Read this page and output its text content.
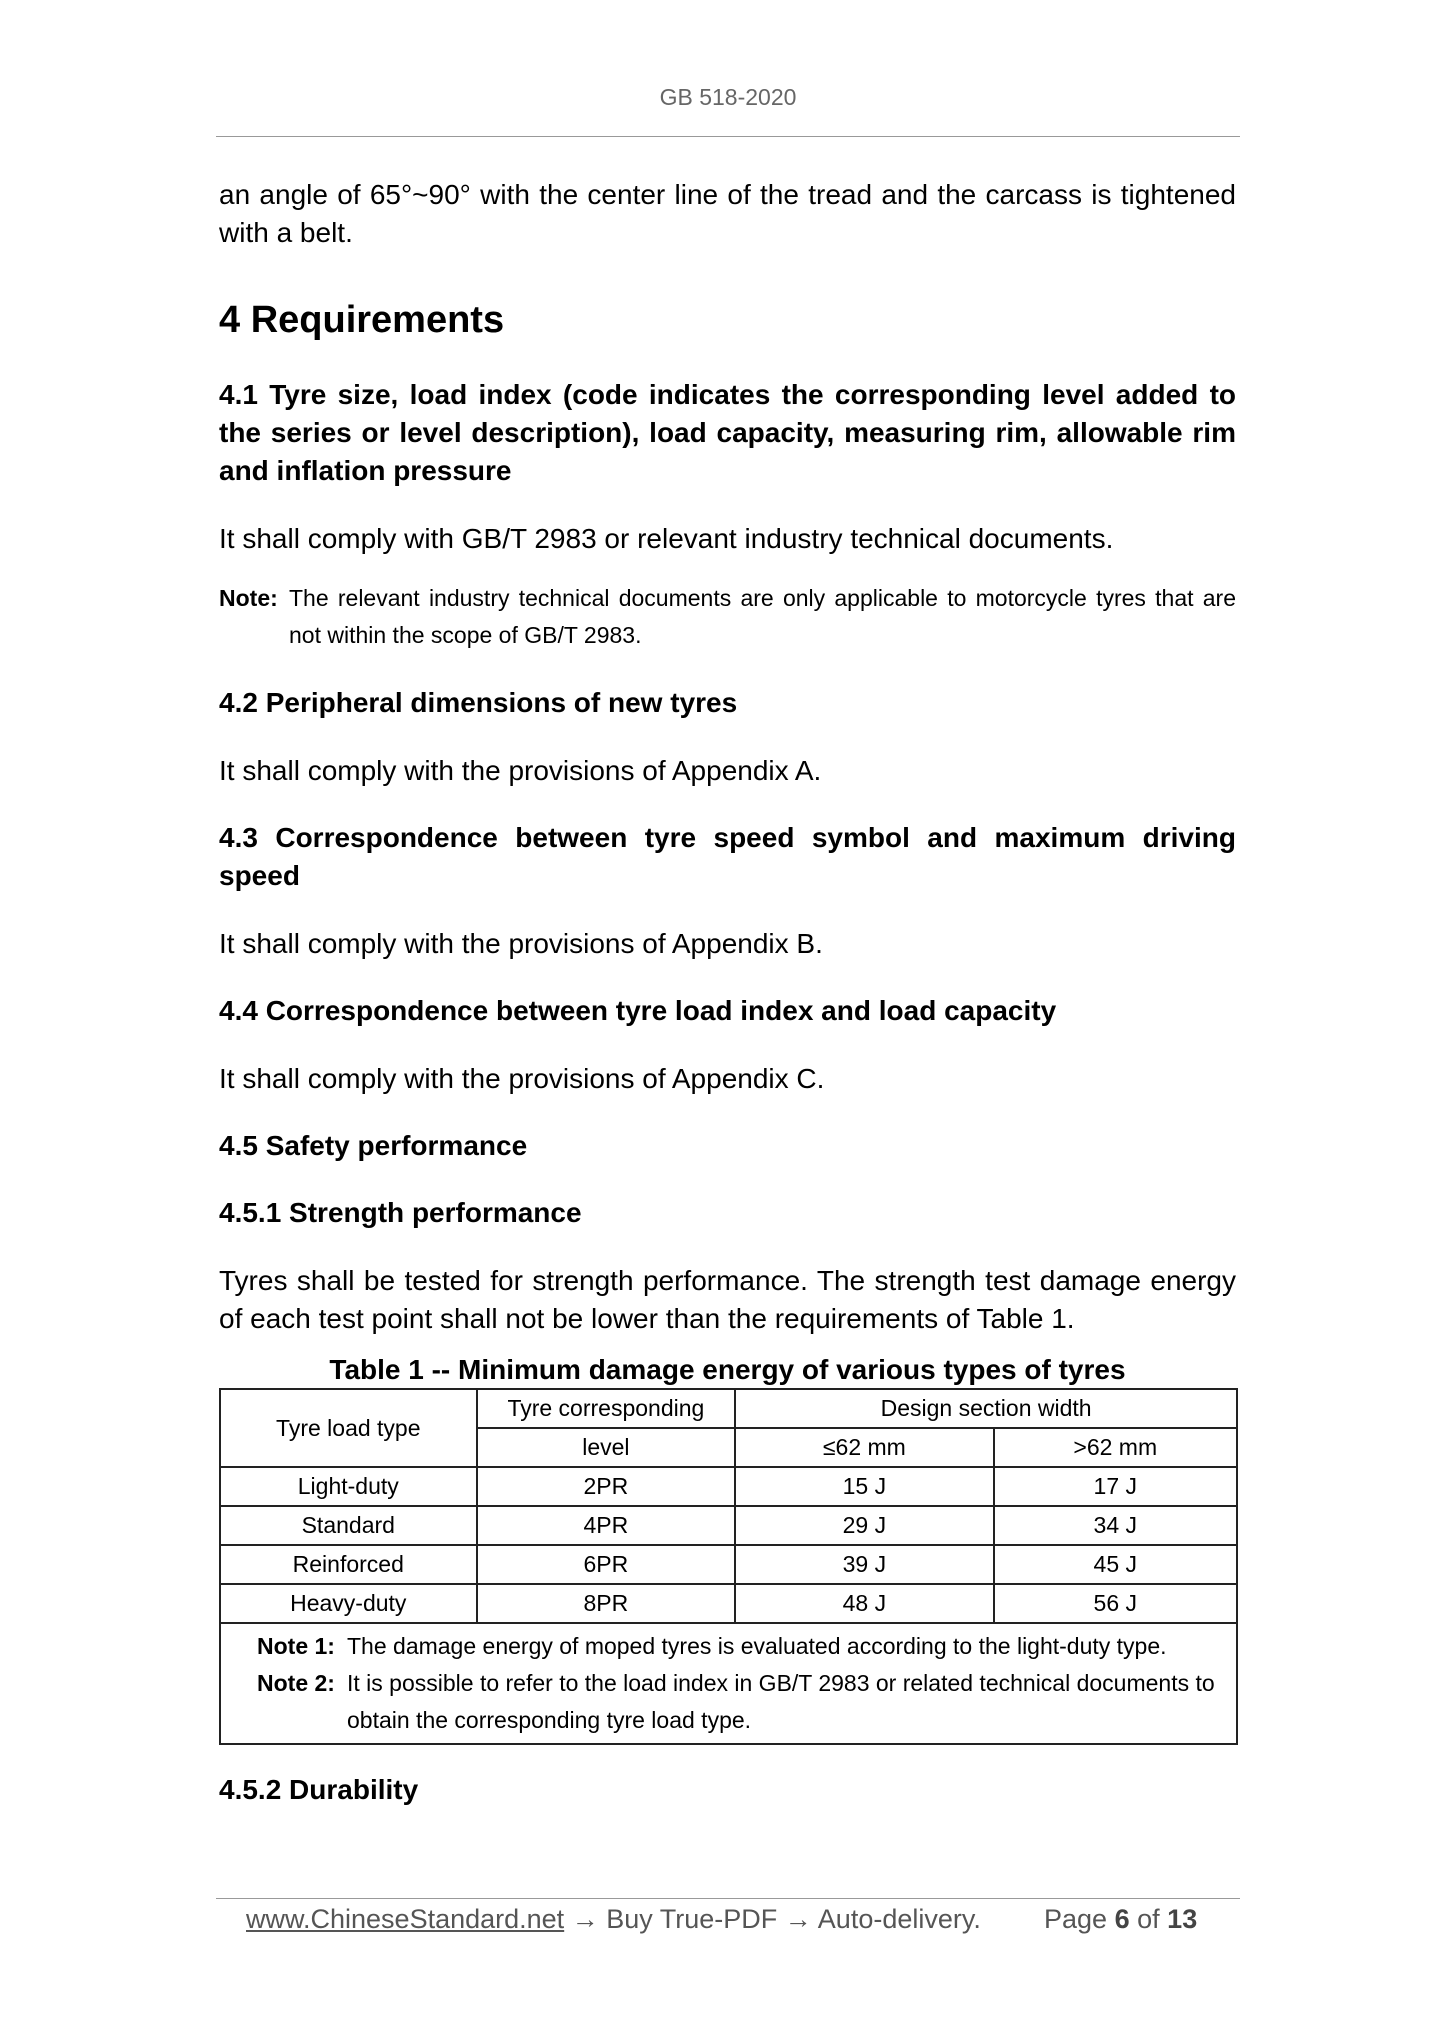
GB 518-2020

an angle of 65°~90° with the center line of the tread and the carcass is tightened with a belt.

4 Requirements

4.1 Tyre size, load index (code indicates the corresponding level added to the series or level description), load capacity, measuring rim, allowable rim and inflation pressure

It shall comply with GB/T 2983 or relevant industry technical documents.

Note: The relevant industry technical documents are only applicable to motorcycle tyres that are not within the scope of GB/T 2983.

4.2 Peripheral dimensions of new tyres

It shall comply with the provisions of Appendix A.

4.3 Correspondence between tyre speed symbol and maximum driving speed

It shall comply with the provisions of Appendix B.

4.4 Correspondence between tyre load index and load capacity

It shall comply with the provisions of Appendix C.

4.5 Safety performance

4.5.1 Strength performance

Tyres shall be tested for strength performance. The strength test damage energy of each test point shall not be lower than the requirements of Table 1.

Table 1 -- Minimum damage energy of various types of tyres

Tyre load type	Tyre corresponding	Design section width	
	level	≤62 mm	>62 mm
Light-duty	2PR	15 J	17 J
Standard	4PR	29 J	34 J
Reinforced	6PR	39 J	45 J
Heavy-duty	8PR	48 J	56 J

Note 1: The damage energy of moped tyres is evaluated according to the light-duty type.
Note 2: It is possible to refer to the load index in GB/T 2983 or related technical documents to obtain the corresponding tyre load type.			

4.5.2 Durability

www.ChineseStandard.net → Buy True-PDF → Auto-delivery. Page 6 of 13
